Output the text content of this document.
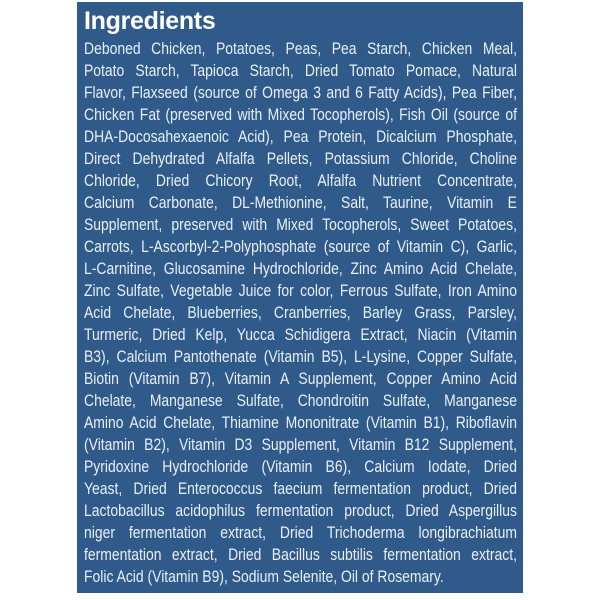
Ingredients
Deboned Chicken, Potatoes, Peas, Pea Starch, Chicken Meal,
Potato Starch, Tapioca Starch, Dried Tomato Pomace, Natural
Flavor, Flaxseed (source of Omega 3 and 6 Fatty Acids), Pea Fiber,
Chicken Fat (preserved with Mixed Tocopherols), Fish Oil (source of
DHA-Docosahexaenoic Acid), Pea Protein, Dicalcium Phosphate,
Direct Dehydrated Alfalfa Pellets, Potassium Chloride, Choline
Chloride, Dried Chicory Root, Alfalfa Nutrient Concentrate,
Calcium Carbonate, DL-Methionine, Salt, Taurine, Vitamin E
Supplement, preserved with Mixed Tocopherols, Sweet Potatoes,
Carrots, L-Ascorbyl-2-Polyphosphate (source of Vitamin C), Garlic,
L-Carnitine, Glucosamine Hydrochloride, Zinc Amino Acid Chelate,
Zinc Sulfate, Vegetable Juice for color, Ferrous Sulfate, Iron Amino
Acid Chelate, Blueberries, Cranberries, Barley Grass, Parsley,
Turmeric, Dried Kelp, Yucca Schidigera Extract, Niacin (Vitamin
B3), Calcium Pantothenate (Vitamin B5), L-Lysine, Copper Sulfate,
Biotin (Vitamin B7), Vitamin A Supplement, Copper Amino Acid
Chelate, Manganese Sulfate, Chondroitin Sulfate, Manganese
Amino Acid Chelate, Thiamine Mononitrate (Vitamin B1), Riboflavin
(Vitamin B2), Vitamin D3 Supplement, Vitamin B12 Supplement,
Pyridoxine Hydrochloride (Vitamin B6), Calcium Iodate, Dried
Yeast, Dried Enterococcus faecium fermentation product, Dried
Lactobacillus acidophilus fermentation product, Dried Aspergillus
niger fermentation extract, Dried Trichoderma longibrachiatum
fermentation extract, Dried Bacillus subtilis fermentation extract,
Folic Acid (Vitamin B9), Sodium Selenite, Oil of Rosemary.
